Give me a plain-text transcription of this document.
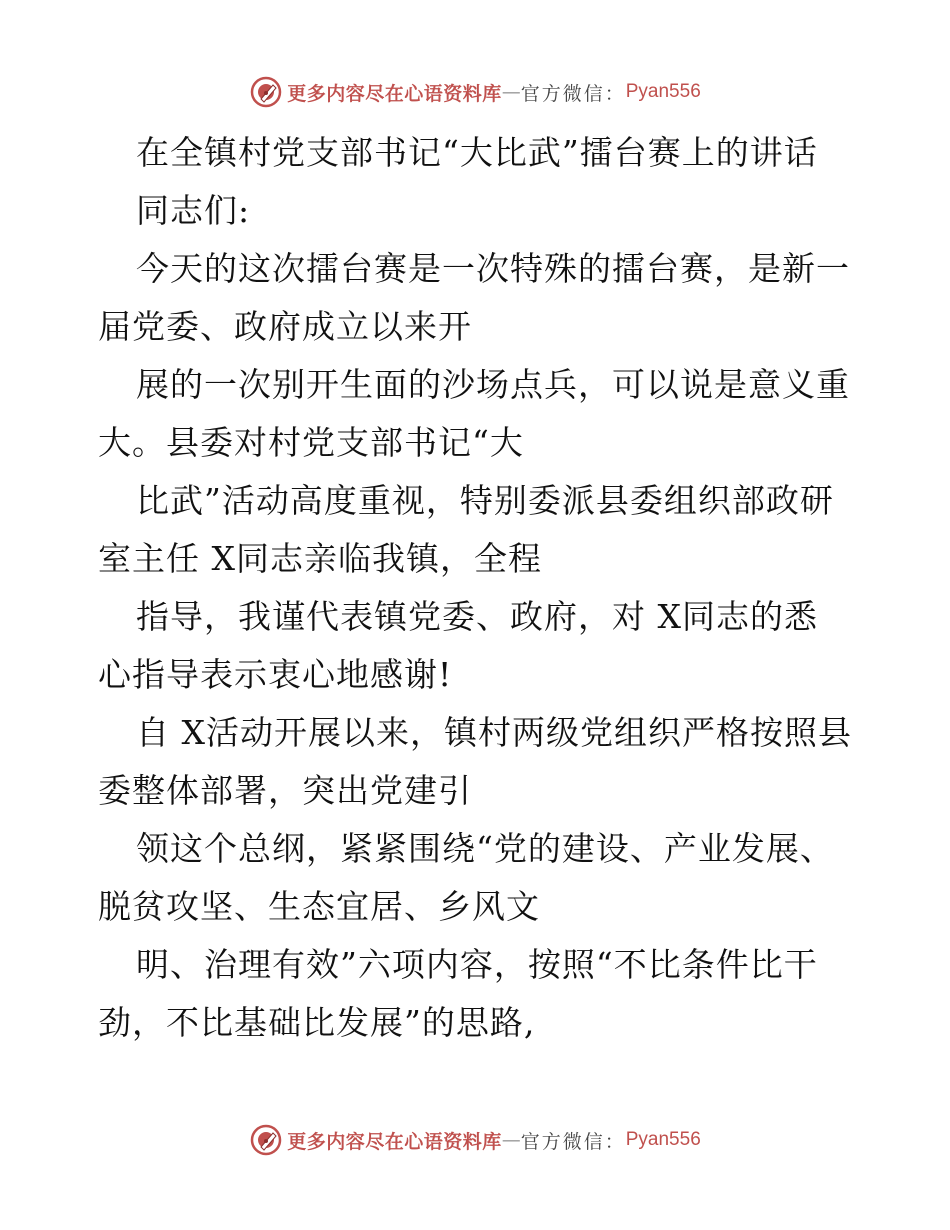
更多内容尽在心语资料库 — 官方微信： Pyan556
在全镇村党支部书记“大比武”擂台赛上的讲话
同志们:
今天的这次擂台赛是一次特殊的擂台赛，是新一
届党委、政府成立以来开
展的一次别开生面的沙场点兵，可以说是意义重
大。县委对村党支部书记“大
比武”活动高度重视，特别委派县委组织部政研
室主任 X同志亲临我镇，全程
指导，我谨代表镇党委、政府，对 X同志的悉
心指导表示衷心地感谢!
自 X活动开展以来，镇村两级党组织严格按照县
委整体部署，突出党建引
领这个总纲，紧紧围绕“党的建设、产业发展、
脱贫攻坚、生态宜居、乡风文
明、治理有效”六项内容，按照“不比条件比干
劲，不比基础比发展”的思路,
更多内容尽在心语资料库 — 官方微信： Pyan556
